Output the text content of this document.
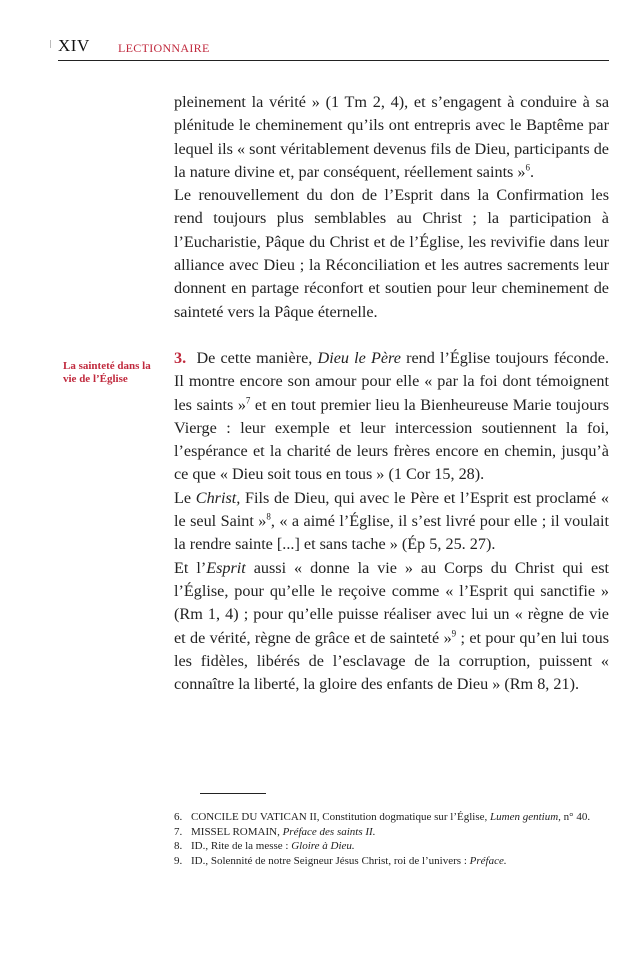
XIV LECTIONNAIRE
La sainteté dans la vie de l’Église

pleinement la vérité » (1 Tm 2, 4), et s’engagent à conduire à sa plénitude le cheminement qu’ils ont entrepris avec le Baptême par lequel ils « sont véritablement devenus fils de Dieu, participants de la nature divine et, par conséquent, réellement saints »$^6$.

Le renouvellement du don de l’Esprit dans la Confirmation les rend toujours plus semblables au Christ ; la participation à l’Eucharistie, Pâque du Christ et de l’Église, les revivifie dans leur alliance avec Dieu ; la Réconciliation et les autres sacrements leur donnent en partage réconfort et soutien pour leur cheminement de sainteté vers la Pâque éternelle.

3. De cette manière, Dieu le Père rend l’Église toujours féconde. Il montre encore son amour pour elle « par la foi dont témoignent les saints »$^7$ et en tout premier lieu la Bienheureuse Marie toujours Vierge : leur exemple et leur intercession soutiennent la foi, l’espérance et la charité de leurs frères encore en chemin, jusqu’à ce que « Dieu soit tous en tous » (1 Cor 15, 28).

Le Christ, Fils de Dieu, qui avec le Père et l’Esprit est proclamé « le seul Saint »$^8$, « a aimé l’Église, il s’est livré pour elle ; il voulait la rendre sainte [...] et sans tache » (Ép 5, 25. 27).

Et l’Esprit aussi « donne la vie » au Corps du Christ qui est l’Église, pour qu’elle le reçoive comme « l’Esprit qui sanctifie » (Rm 1, 4) ; pour qu’elle puisse réaliser avec lui un « règne de vie et de vérité, règne de grâce et de sainteté »$^9$ ; et pour qu’en lui tous les fidèles, libérés de l’esclavage de la corruption, puissent « connaître la liberté, la gloire des enfants de Dieu » (Rm 8, 21).

6. CONCILE DU VATICAN II, Constitution dogmatique sur l’Église, Lumen gentium, n° 40.
7. MISSEL ROMAIN, Préface des saints II.
8. ID., Rite de la messe : Gloire à Dieu.
9. ID., Solennité de notre Seigneur Jésus Christ, roi de l’univers : Préface.
